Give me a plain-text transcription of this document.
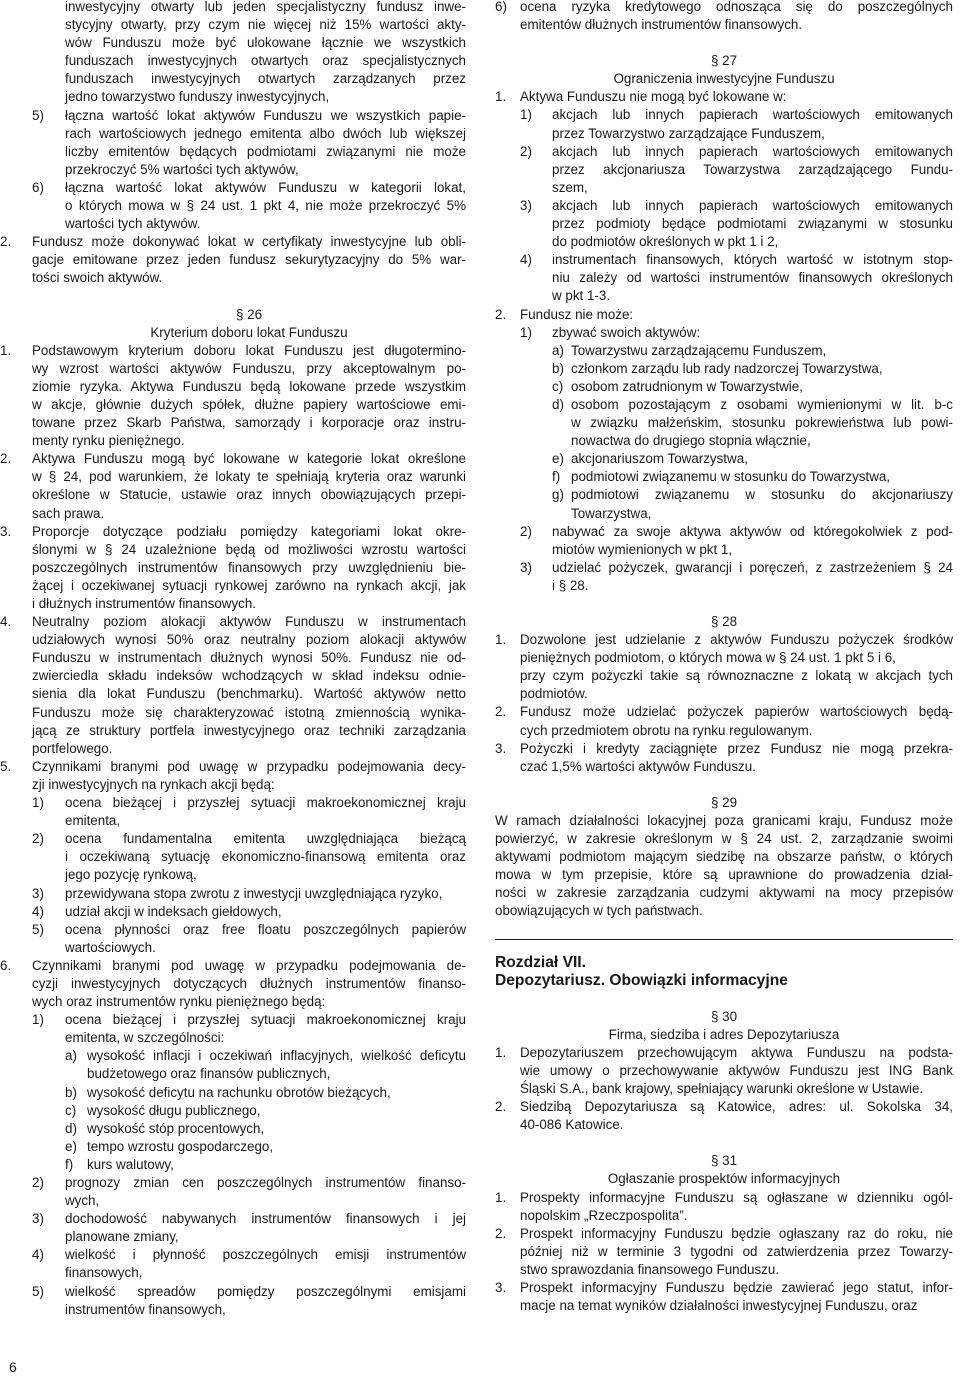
inwestycyjny otwarty lub jeden specjalistyczny fundusz inwe-
stycyjny otwarty, przy czym nie więcej niż 15% wartości akty-
wów Funduszu może być ulokowane łącznie we wszystkich
funduszach inwestycyjnych otwartych oraz specjalistycznych
funduszach inwestycyjnych otwartych zarządzanych przez
jedno towarzystwo funduszy inwestycyjnych,
5)	łączna wartość lokat aktywów Funduszu we wszystkich papie-
rach wartościowych jednego emitenta albo dwóch lub większej
liczby emitentów będących podmiotami związanymi nie może
przekroczyć 5% wartości tych aktywów,
6)	łączna wartość lokat aktywów Funduszu w kategorii lokat,
o których mowa w § 24 ust. 1 pkt 4, nie może przekroczyć 5%
wartości tych aktywów.
2.	Fundusz może dokonywać lokat w certyfikaty inwestycyjne lub obli-
gacje emitowane przez jeden fundusz sekurytyzacyjny do 5% war-
tości swoich aktywów.
§ 26
Kryterium doboru lokat Funduszu
1.	Podstawowym kryterium doboru lokat Funduszu jest długotermino-
wy wzrost wartości aktywów Funduszu, przy akceptowalnym po-
ziomie ryzyka. Aktywa Funduszu będą lokowane przede wszystkim
w akcje, głównie dużych spółek, dłużne papiery wartościowe emi-
towane przez Skarb Państwa, samorządy i korporacje oraz instru-
menty rynku pieniężnego.
2.	Aktywa Funduszu mogą być lokowane w kategorie lokat określone
w § 24, pod warunkiem, że lokaty te spełniają kryteria oraz warunki
określone w Statucie, ustawie oraz innych obowiązujących przepi-
sach prawa.
3.	Proporcje dotyczące podziału pomiędzy kategoriami lokat okre-
ślonymi w § 24 uzależnione będą od możliwości wzrostu wartości
poszczególnych instrumentów finansowych przy uwzględnieniu bie-
żącej i oczekiwanej sytuacji rynkowej zarówno na rynkach akcji, jak
i dłużnych instrumentów finansowych.
4.	Neutralny poziom alokacji aktywów Funduszu w instrumentach
udziałowych wynosi 50% oraz neutralny poziom alokacji aktywów
Funduszu w instrumentach dłużnych wynosi 50%. Fundusz nie od-
zwierciedla składu indeksów wchodzących w skład indeksu odnie-
sienia dla lokat Funduszu (benchmarku). Wartość aktywów netto
Funduszu może się charakteryzować istotną zmiennością wynika-
jącą ze struktury portfela inwestycyjnego oraz techniki zarządzania
portfelowego.
5.	Czynnikami branymi pod uwagę w przypadku podejmowania decy-
zji inwestycyjnych na rynkach akcji będą:
1)	ocena bieżącej i przyszłej sytuacji makroekonomicznej kraju
emitenta,
2)	ocena fundamentalna emitenta uwzględniająca bieżącą
i oczekiwaną sytuację ekonomiczno-finansową emitenta oraz
jego pozycję rynkową,
3)	przewidywana stopa zwrotu z inwestycji uwzględniająca ryzyko,
4)	udział akcji w indeksach giełdowych,
5)	ocena płynności oraz free floatu poszczególnych papierów
wartościowych.
6.	Czynnikami branymi pod uwagę w przypadku podejmowania de-
cyzji inwestycyjnych dotyczących dłużnych instrumentów finanso-
wych oraz instrumentów rynku pieniężnego będą:
1)	ocena bieżącej i przyszłej sytuacji makroekonomicznej kraju
emitenta, w szczególności:
a) wysokość inflacji i oczekiwań inflacyjnych, wielkość deficytu
budżetowego oraz finansów publicznych,
b) wysokość deficytu na rachunku obrotów bieżących,
c) wysokość długu publicznego,
d) wysokość stóp procentowych,
e) tempo wzrostu gospodarczego,
f)	kurs walutowy,
2)	prognozy zmian cen poszczególnych instrumentów finanso-
wych,
3)	dochodowość nabywanych instrumentów finansowych i jej
planowane zmiany,
4)	wielkość i płynność poszczególnych emisji instrumentów
finansowych,
5)	wielkość spreadów pomiędzy poszczególnymi emisjami
instrumentów finansowych,
6) ocena ryzyka kredytowego odnosząca się do poszczególnych
emitentów dłużnych instrumentów finansowych.
§ 27
Ograniczenia inwestycyjne Funduszu
1.	Aktywa Funduszu nie mogą być lokowane w:
1)	akcjach lub innych papierach wartościowych emitowanych
przez Towarzystwo zarządzające Funduszem,
2)	akcjach lub innych papierach wartościowych emitowanych
przez akcjonariusza Towarzystwa zarządzającego Fundu-
szem,
3)	akcjach lub innych papierach wartościowych emitowanych
przez podmioty będące podmiotami związanymi w stosunku
do podmiotów określonych w pkt 1 i 2,
4)	instrumentach finansowych, których wartość w istotnym stop-
niu zależy od wartości instrumentów finansowych określonych
w pkt 1-3.
2.	Fundusz nie może:
1)	zbywać swoich aktywów:
a) Towarzystwu zarządzającemu Funduszem,
b) członkom zarządu lub rady nadzorczej Towarzystwa,
c) osobom zatrudnionym w Towarzystwie,
d) osobom pozostającym z osobami wymienionymi w lit. b-c
w związku małżeńskim, stosunku pokrewieństwa lub powi-
nowactwa do drugiego stopnia włącznie,
e) akcjonariuszom Towarzystwa,
f) podmiotowi związanemu w stosunku do Towarzystwa,
g) podmiotowi związanemu w stosunku do akcjonariuszy
Towarzystwa,
2)	nabywać za swoje aktywa aktywów od któregokolwiek z pod-
miotów wymienionych w pkt 1,
3)	udzielać pożyczek, gwarancji i poręczeń, z zastrzeżeniem § 24
i § 28.
§ 28
1.	Dozwolone jest udzielanie z aktywów Funduszu pożyczek środków
pieniężnych podmiotom, o których mowa w § 24 ust. 1 pkt 5 i 6,
przy czym pożyczki takie są równoznaczne z lokatą w akcjach tych
podmiotów.
2.	Fundusz może udzielać pożyczek papierów wartościowych będą-
cych przedmiotem obrotu na rynku regulowanym.
3.	Pożyczki i kredyty zaciągnięte przez Fundusz nie mogą przekra-
czać 1,5% wartości aktywów Funduszu.
§ 29
W ramach działalności lokacyjnej poza granicami kraju, Fundusz może
powierzyć, w zakresie określonym w § 24 ust. 2, zarządzanie swoimi
aktywami podmiotom mającym siedzibę na obszarze państw, o których
mowa w tym przepisie, które są uprawnione do prowadzenia dział-
ności w zakresie zarządzania cudzymi aktywami na mocy przepisów
obowiązujących w tych państwach.
Rozdział VII.
Depozytariusz. Obowiązki informacyjne
§ 30
Firma, siedziba i adres Depozytariusza
1.	Depozytariuszem przechowującym aktywa Funduszu na podsta-
wie umowy o przechowywanie aktywów Funduszu jest ING Bank
Śląski S.A., bank krajowy, spełniający warunki określone w Ustawie.
2.	Siedzibą Depozytariusza są Katowice, adres: ul. Sokolska 34,
40-086 Katowice.
§ 31
Ogłaszanie prospektów informacyjnych
1.	Prospekty informacyjne Funduszu są ogłaszane w dzienniku ogól-
nopolskim „Rzeczpospolita”.
2.	Prospekt informacyjny Funduszu będzie ogłaszany raz do roku, nie
później niż w terminie 3 tygodni od zatwierdzenia przez Towarzy-
stwo sprawozdania finansowego Funduszu.
3.	Prospekt informacyjny Funduszu będzie zawierać jego statut, infor-
macje na temat wyników działalności inwestycyjnej Funduszu, oraz
6
